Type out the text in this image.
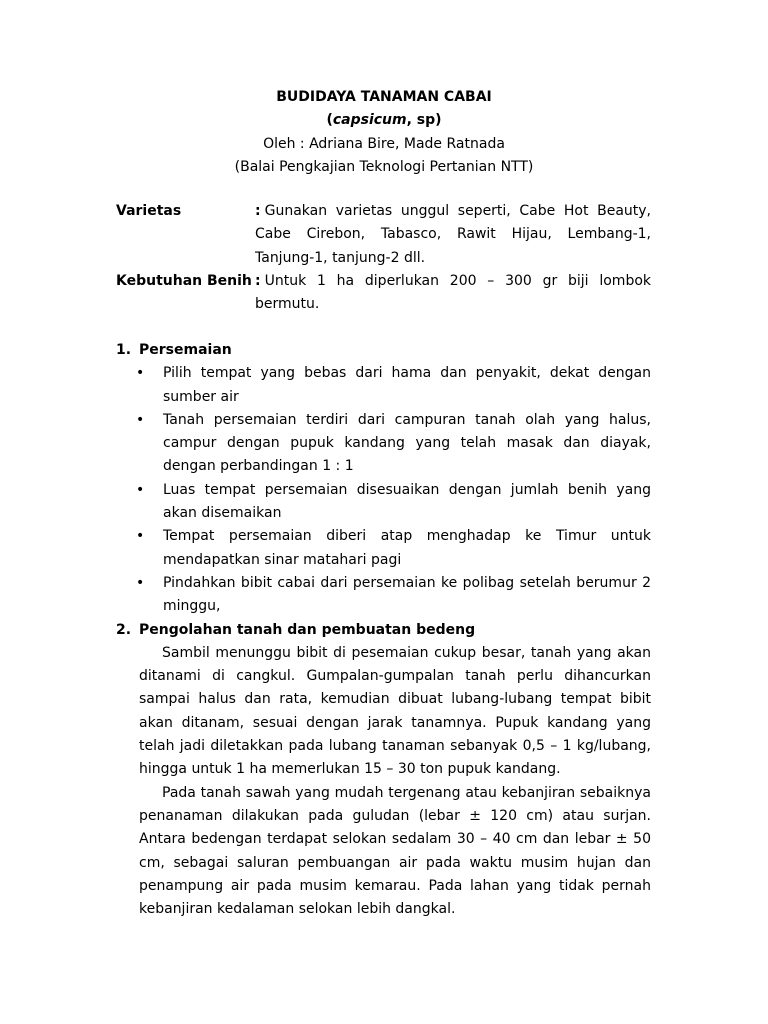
BUDIDAYA TANAMAN CABAI
(capsicum, sp)
Oleh : Adriana Bire, Made Ratnada
(Balai Pengkajian Teknologi Pertanian NTT)
Varietas	: Gunakan varietas unggul seperti, Cabe Hot Beauty, Cabe Cirebon, Tabasco, Rawit Hijau, Lembang-1, Tanjung-1, tanjung-2 dll.
Kebutuhan Benih : Untuk 1 ha diperlukan 200 – 300 gr biji lombok bermutu.
1. Persemaian
• Pilih tempat yang bebas dari hama dan penyakit, dekat dengan sumber air
• Tanah persemaian terdiri dari campuran tanah olah yang halus, campur dengan pupuk kandang yang telah masak dan diayak, dengan perbandingan 1 : 1
• Luas tempat persemaian disesuaikan dengan jumlah benih yang akan disemaikan
• Tempat persemaian diberi atap menghadap ke Timur untuk mendapatkan sinar matahari pagi
• Pindahkan bibit cabai dari persemaian ke polibag setelah berumur 2 minggu,
2. Pengolahan tanah dan pembuatan bedeng
Sambil menunggu bibit di pesemaian cukup besar, tanah yang akan ditanami di cangkul. Gumpalan-gumpalan tanah perlu dihancurkan sampai halus dan rata, kemudian dibuat lubang-lubang tempat bibit akan ditanam, sesuai dengan jarak tanamnya. Pupuk kandang yang telah jadi diletakkan pada lubang tanaman sebanyak 0,5 – 1 kg/lubang, hingga untuk 1 ha memerlukan 15 – 30 ton pupuk kandang.
Pada tanah sawah yang mudah tergenang atau kebanjiran sebaiknya penanaman dilakukan pada guludan (lebar ± 120 cm) atau surjan. Antara bedengan terdapat selokan sedalam 30 – 40 cm dan lebar ± 50 cm, sebagai saluran pembuangan air pada waktu musim hujan dan penampung air pada musim kemarau. Pada lahan yang tidak pernah kebanjiran kedalaman selokan lebih dangkal.
